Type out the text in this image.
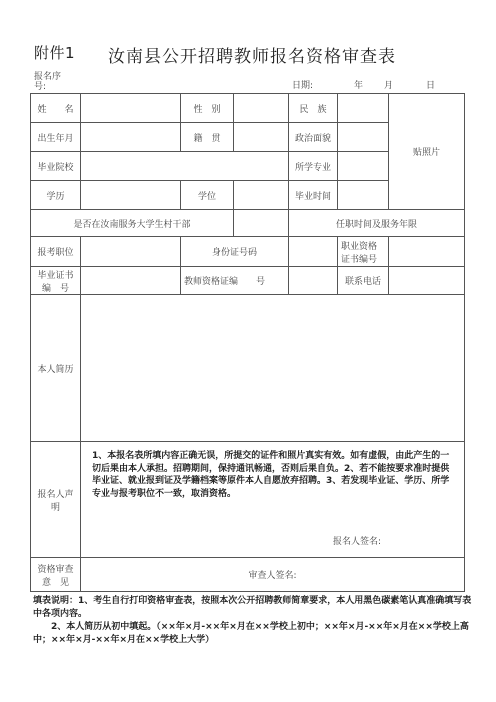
附件1 汝南县公开招聘教师报名资格审查表
报名序号:	日期:	年 月	日
姓　　名		性　别		民　族		贴照片
出生年月		籍　贯		政治面貌		
毕业院校				所学专业		
学历		学位		毕业时间		
是否在汝南服务大学生村干部				任职时间及服务年限		
报考职位		身份证号码			职业资格证书编号	
毕业证书　编　号		教师资格证编　　号			联系电话	
本人简历						
报名人声　明	1、本报名表所填内容正确无误，所提交的证件和照片真实有效。如有虚假，由此产生的一切后果由本人承担。招聘期间，保持通讯畅通，否则后果自负。2、若不能按要求准时提供毕业证、就业报到证及学籍档案等原件本人自愿放弃招聘。3、若发现毕业证、学历、所学专业与报考职位不一致，取消资格。
报名人签名:					

资格审查意　见	审查人签名:					
填表说明：1、考生自行打印资格审查表，按照本次公开招聘教师简章要求，本人用黑色碳素笔认真准确填写表中各项内容。
　　2、本人简历从初中填起。（××年×月-××年×月在××学校上初中；××年×月-××年×月在××学校上高中；××年×月-××年×月在××学校上大学）
